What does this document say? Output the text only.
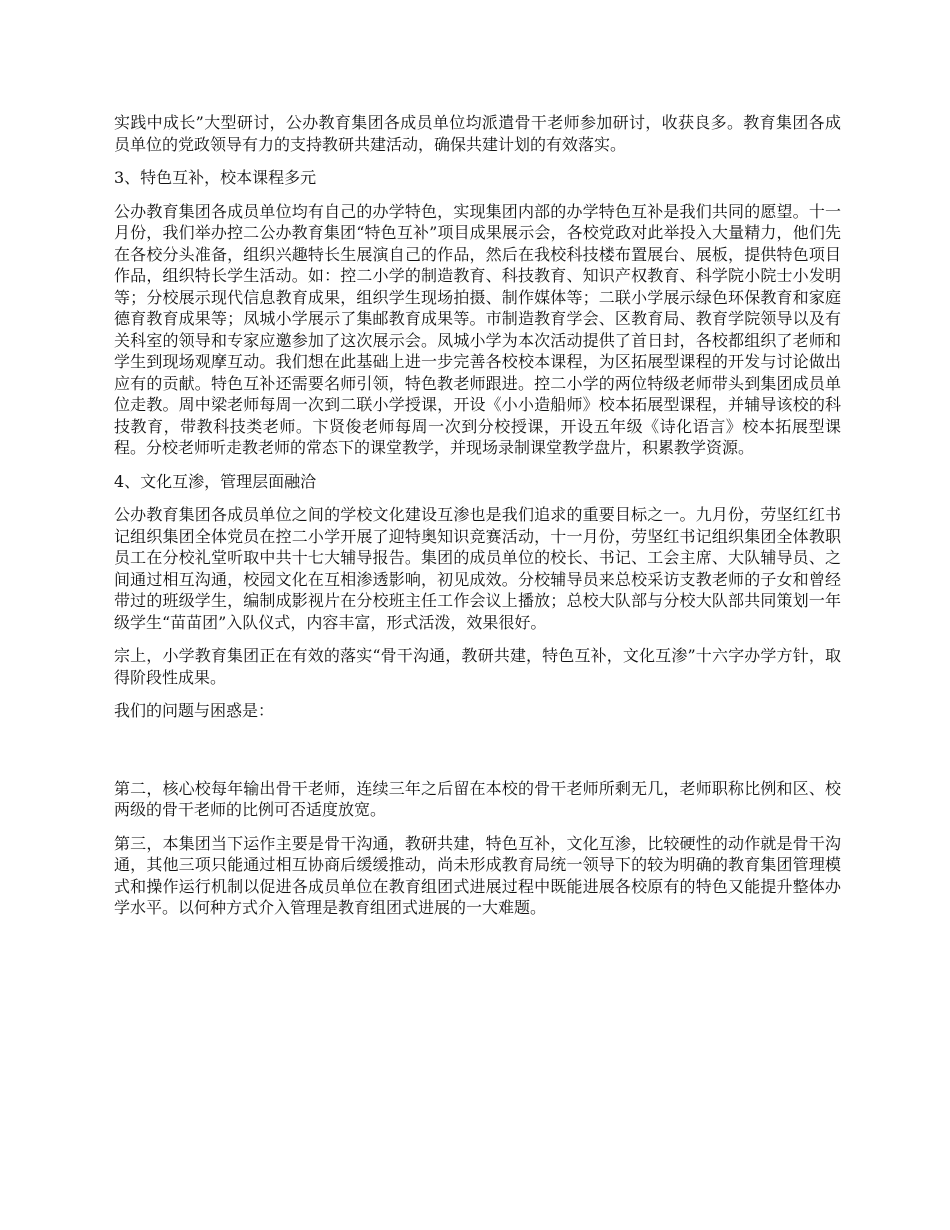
实践中成长”大型研讨，公办教育集团各成员单位均派遣骨干老师参加研讨，收获良多。教育集团各成员单位的党政领导有力的支持教研共建活动，确保共建计划的有效落实。

3、特色互补，校本课程多元

公办教育集团各成员单位均有自己的办学特色，实现集团内部的办学特色互补是我们共同的愿望。十一月份，我们举办控二公办教育集团“特色互补”项目成果展示会，各校党政对此举投入大量精力，他们先在各校分头准备，组织兴趣特长生展演自己的作品，然后在我校科技楼布置展台、展板，提供特色项目作品，组织特长学生活动。如：控二小学的制造教育、科技教育、知识产权教育、科学院小院士小发明等；分校展示现代信息教育成果，组织学生现场拍摄、制作媒体等；二联小学展示绿色环保教育和家庭德育教育成果等；凤城小学展示了集邮教育成果等。市制造教育学会、区教育局、教育学院领导以及有关科室的领导和专家应邀参加了这次展示会。凤城小学为本次活动提供了首日封，各校都组织了老师和学生到现场观摩互动。我们想在此基础上进一步完善各校校本课程，为区拓展型课程的开发与讨论做出应有的贡献。特色互补还需要名师引领，特色教老师跟进。控二小学的两位特级老师带头到集团成员单位走教。周中梁老师每周一次到二联小学授课，开设《小小造船师》校本拓展型课程，并辅导该校的科技教育，带教科技类老师。卞贤俊老师每周一次到分校授课，开设五年级《诗化语言》校本拓展型课程。分校老师听走教老师的常态下的课堂教学，并现场录制课堂教学盘片，积累教学资源。

4、文化互渗，管理层面融洽

公办教育集团各成员单位之间的学校文化建设互渗也是我们追求的重要目标之一。九月份，劳坚红红书记组织集团全体党员在控二小学开展了迎特奥知识竞赛活动，十一月份，劳坚红书记组织集团全体教职员工在分校礼堂听取中共十七大辅导报告。集团的成员单位的校长、书记、工会主席、大队辅导员、之间通过相互沟通，校园文化在互相渗透影响，初见成效。分校辅导员来总校采访支教老师的子女和曾经带过的班级学生，编制成影视片在分校班主任工作会议上播放；总校大队部与分校大队部共同策划一年级学生“苗苗团”入队仪式，内容丰富，形式活泼，效果很好。

宗上，小学教育集团正在有效的落实“骨干沟通，教研共建，特色互补，文化互渗”十六字办学方针，取得阶段性成果。

我们的问题与困惑是：

第二，核心校每年输出骨干老师，连续三年之后留在本校的骨干老师所剩无几，老师职称比例和区、校两级的骨干老师的比例可否适度放宽。

第三，本集团当下运作主要是骨干沟通，教研共建，特色互补，文化互渗，比较硬性的动作就是骨干沟通，其他三项只能通过相互协商后缓缓推动，尚未形成教育局统一领导下的较为明确的教育集团管理模式和操作运行机制以促进各成员单位在教育组团式进展过程中既能进展各校原有的特色又能提升整体办学水平。以何种方式介入管理是教育组团式进展的一大难题。
